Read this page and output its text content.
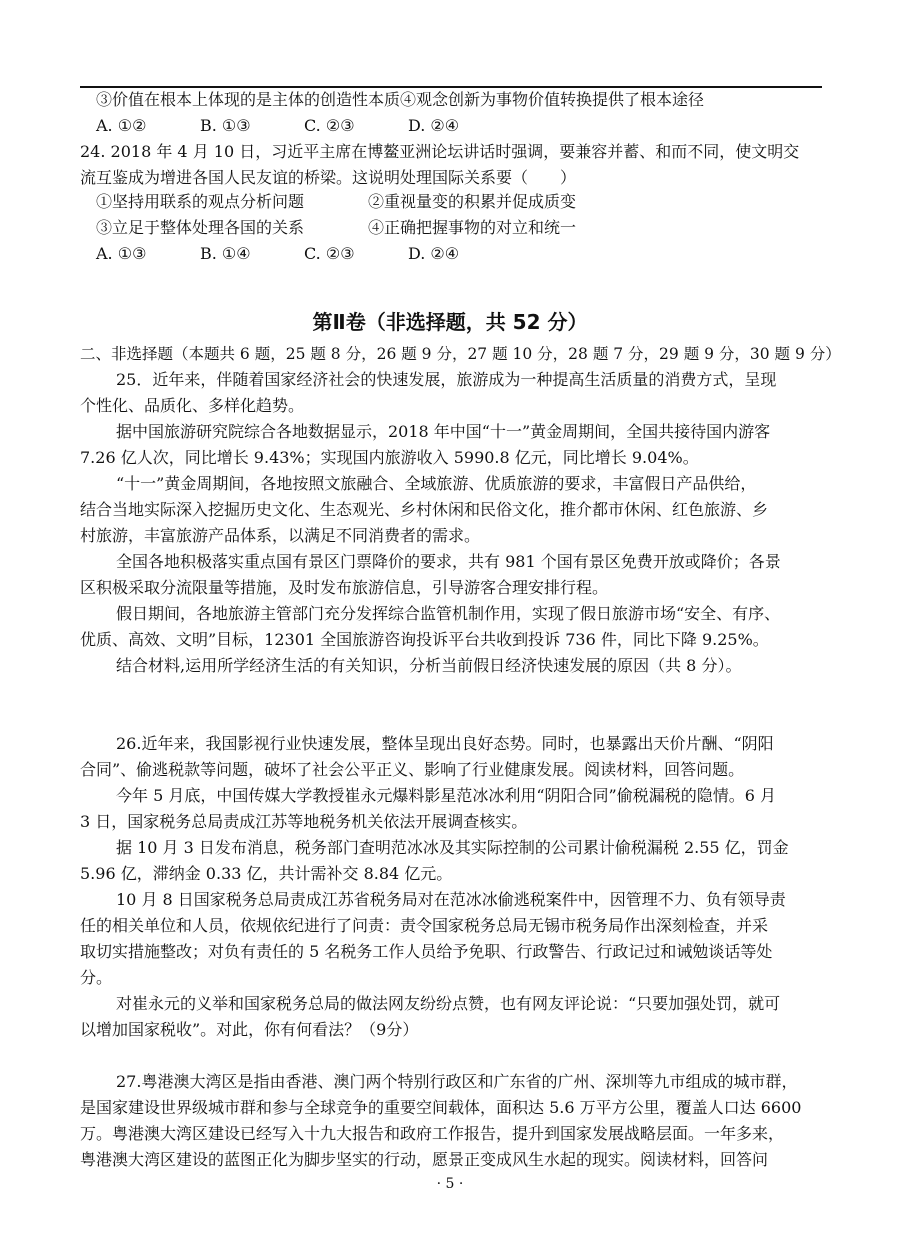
③价值在根本上体现的是主体的创造性本质④观念创新为事物价值转换提供了根本途径
A. ①②	B. ①③	C. ②③	D. ②④
24. 2018 年 4 月 10 日，习近平主席在博鳌亚洲论坛讲话时强调，要兼容并蓄、和而不同，使文明交
流互鉴成为增进各国人民友谊的桥梁。这说明处理国际关系要（　　）
①坚持用联系的观点分析问题	②重视量变的积累并促成质变
③立足于整体处理各国的关系	④正确把握事物的对立和统一
A. ①③	B. ①④	C. ②③	D. ②④
第Ⅱ卷（非选择题，共 52 分）
二、非选择题（本题共 6 题，25 题 8 分，26 题 9 分，27 题 10 分，28 题 7 分，29 题 9 分，30 题 9 分）
25．近年来，伴随着国家经济社会的快速发展，旅游成为一种提高生活质量的消费方式，呈现
个性化、品质化、多样化趋势。
据中国旅游研究院综合各地数据显示，2018 年中国“十一”黄金周期间，全国共接待国内游客
7.26 亿人次，同比增长 9.43%；实现国内旅游收入 5990.8 亿元，同比增长 9.04%。
“十一”黄金周期间，各地按照文旅融合、全域旅游、优质旅游的要求，丰富假日产品供给，
结合当地实际深入挖掘历史文化、生态观光、乡村休闲和民俗文化，推介都市休闲、红色旅游、乡
村旅游，丰富旅游产品体系，以满足不同消费者的需求。
全国各地积极落实重点国有景区门票降价的要求，共有 981 个国有景区免费开放或降价；各景
区积极采取分流限量等措施，及时发布旅游信息，引导游客合理安排行程。
假日期间，各地旅游主管部门充分发挥综合监管机制作用，实现了假日旅游市场“安全、有序、
优质、高效、文明”目标，12301 全国旅游咨询投诉平台共收到投诉 736 件，同比下降 9.25%。
结合材料,运用所学经济生活的有关知识，分析当前假日经济快速发展的原因（共 8 分）。
26.近年来，我国影视行业快速发展，整体呈现出良好态势。同时，也暴露出天价片酬、“阴阳
合同”、偷逃税款等问题，破坏了社会公平正义、影响了行业健康发展。阅读材料，回答问题。
今年 5 月底，中国传媒大学教授崔永元爆料影星范冰冰利用“阴阳合同”偷税漏税的隐情。6 月
3 日，国家税务总局责成江苏等地税务机关依法开展调查核实。
据 10 月 3 日发布消息，税务部门查明范冰冰及其实际控制的公司累计偷税漏税 2.55 亿，罚金
5.96 亿，滞纳金 0.33 亿，共计需补交 8.84 亿元。
10 月 8 日国家税务总局责成江苏省税务局对在范冰冰偷逃税案件中，因管理不力、负有领导责
任的相关单位和人员，依规依纪进行了问责：责令国家税务总局无锡市税务局作出深刻检查，并采
取切实措施整改；对负有责任的 5 名税务工作人员给予免职、行政警告、行政记过和诫勉谈话等处
分。
对崔永元的义举和国家税务总局的做法网友纷纷点赞，也有网友评论说：“只要加强处罚，就可
以增加国家税收”。对此，你有何看法？（9分）
27.粤港澳大湾区是指由香港、澳门两个特别行政区和广东省的广州、深圳等九市组成的城市群，
是国家建设世界级城市群和参与全球竞争的重要空间载体，面积达 5.6 万平方公里，覆盖人口达 6600
万。粤港澳大湾区建设已经写入十九大报告和政府工作报告，提升到国家发展战略层面。一年多来，
粤港澳大湾区建设的蓝图正化为脚步坚实的行动，愿景正变成风生水起的现实。阅读材料，回答问
· 5 ·
